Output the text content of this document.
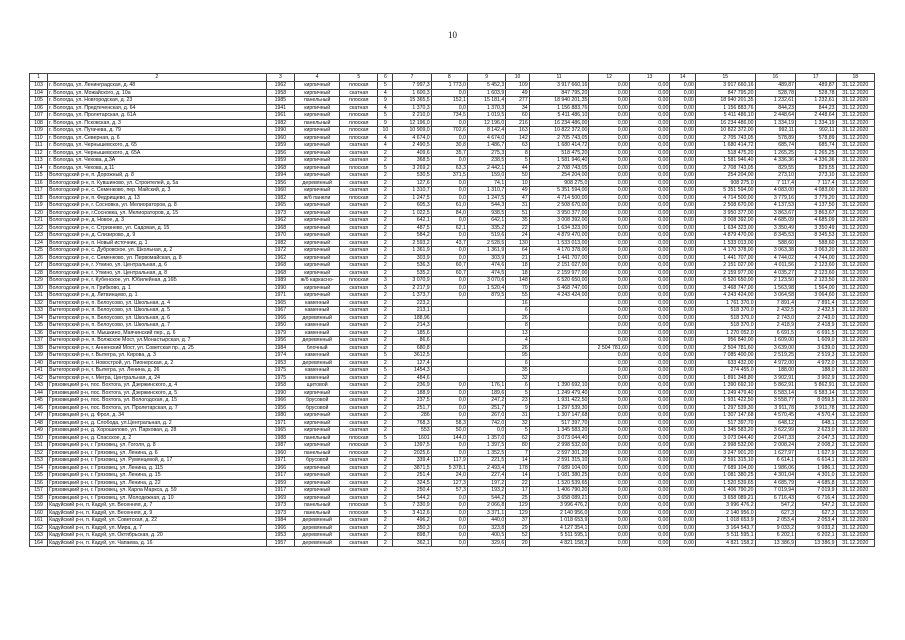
10
1	2	3	4	5	6	7	8	9	10	11	12	13	14	15	16	17	18
103	г. Вологда, ул. Ленинградская, д. 48	1962	кирпичный	плоская	5	7 997,3	1 773,0	5 452,3	109	3 917 660,16	0,00	0,00	0,00	3 917 660,16	489,87	489,87	31.12.2020
104	г. Вологда, ул. Можайского, д. 10а	1958	кирпичный	скатная	4	1 600,3	0,0	1 603,9	49	847 795,20	0,00	0,00	0,00	847 795,20	528,78	528,78	31.12.2020
105	г. Вологда, ул. Новгородская, д. 23	1985	панельный	плоская	9	15 365,5	152,1	15 181,4	277	18 940 201,35	0,00	0,00	0,00	18 940 201,35	1 232,61	1 232,61	31.12.2020
106	г. Вологда, ул. Предтеченская, д. 64	1941	кирпичный	скатная	4	1 370,3	0,0	1 370,3	34	1 156 883,76	0,00	0,00	0,00	1 156 883,76	844,23	844,23	31.12.2020
107	г. Вологда, ул. Пролетарская, д. 61А	1961	кирпичный	плоская	5	2 210,0	734,5	1 019,5	60	5 411 486,10	0,00	0,00	0,00	5 411 486,10	2 448,64	2 448,64	31.12.2020
108	г. Вологда, ул. Псковская, д. 3	1982	панельный	плоская	9	12 196,0	0,0	12 196,0	216	16 234 486,00	0,00	0,00	0,00	16 234 486,00	1 334,19	1 334,19	31.12.2020
109	г. Вологда, ул. Пугачева, д. 79	1990	кирпичный	плоская	10	10 909,0	702,6	8 142,4	163	10 822 372,00	0,00	0,00	0,00	10 822 372,00	992,11	992,11	31.12.2020
110	г. Вологда, ул. Северная, д. 6	1960	кирпичный	плоская	4	4 674,0	0,0	4 674,0	142	2 705 743,05	0,00	0,00	0,00	2 705 743,05	578,89	578,89	31.12.2020
111	г. Вологда, ул. Чернышевского, д. 65	1959	кирпичный	скатная	4	2 490,5	30,8	1 486,7	63	1 680 414,72	0,00	0,00	0,00	1 680 414,72	685,74	685,74	31.12.2020
112	г. Вологда, ул. Чернышевского, д. 65А	1956	кирпичный	скатная	2	409,6	35,7	275,3	8	518 475,20	0,00	0,00	0,00	518 475,20	1 265,25	1 265,25	31.12.2020
113	г. Вологда, ул. Чехова, д.3А	1959	кирпичный	скатная	2	368,5	0,0	238,5	5	1 581 946,40	0,00	0,00	0,00	1 581 946,40	4 336,36	4 336,36	31.12.2020
114	г. Вологда, ул. Чехова, д.11	1968	кирпичный	плоская	5	3 269,2	63,3	2 442,1	44	2 708 743,05	0,00	0,00	0,00	2 708 743,05	829,55	829,55	31.12.2020
115	Вологодский р-н, п. Дорожный, д. 8	1994	кирпичный	скатная	2	530,5	371,5	159,0	50	254 204,00	0,00	0,00	0,00	254 204,00	273,10	273,10	31.12.2020
116	Вологодский р-н, п. Кувшиново, ул. Строителей, д. 5а	1956	деревянный	скатная	2	127,6	0,0	74,1	10	908 275,0	0,00	0,00	0,00	908 275,0	7 117,4	7 117,4	31.12.2020
117	Вологодский р-н, с. Семенково, пер. Майский, д. 3	1960	кирпичный	скатная	2	1 310,7	0,0	1 310,7	49	5 351 594,00	0,00	0,00	0,00	5 351 594,00	4 083,00	4 083,00	31.12.2020
118	Вологодский р-н, п. Федрищево, д. 13	1982	ж/б панели	плоская	2	1 247,5	0,0	1 247,5	47	4 714 500,00	0,00	0,00	0,00	4 714 500,00	3 779,16	3 779,20	31.12.2020
119	Вологодский р-н, г. Сосновка, ул. Мелиораторов, д. 8	1965	кирпичный	скатная	2	605,3	61,0	544,3	31	2 508 670,00	0,00	0,00	0,00	2 508 670,00	4 137,53	4 137,50	31.12.2020
120	Вологодский р-н, г.Сосновка, ул. Мелиораторов, д. 15	1973	кирпичный	скатная	2	1 022,5	84,0	938,5	51	3 950 377,00	0,00	0,00	0,00	3 950 377,00	3 863,67	3 863,67	31.12.2020
121	Вологодский р-н, д. Новое, д. 3	1962	кирпичный	скатная	2	642,1	0,0	642,1	35	3 008 392,00	0,00	0,00	0,00	3 008 392,00	4 685,09	4 685,09	31.12.2020
122	Вологодский р-н, с. Стризнево, ул. Садовая, д. 15	1968	кирпичный	скатная	2	487,5	62,1	335,2	22	1 634 323,00	0,00	0,00	0,00	1 634 323,00	3 350,49	3 350,49	31.12.2020
123	Вологодский р-н, д. Слизирово, д. 9	1970	кирпичный	скатная	2	584,2	0,0	519,6	24	4 879 470,00	0,00	0,00	0,00	4 879 470,00	8 345,53	8 345,53	31.12.2020
124	Вологодский р-н, п. Новый источник, д. 1	1982	кирпичный	скатная	2	2 593,2	43,7	2 528,5	130	1 533 013,00	0,00	0,00	0,00	1 533 013,00	588,60	588,60	31.12.2020
125	Вологодский р-н, с. Дубровское, ул. Школьная, д. 2	1972	кирпичный	скатная	2	1 361,9	0,0	1 361,9	64	4 170 378,00	0,00	0,00	0,00	4 170 378,00	3 063,38	3 063,20	31.12.2020
126	Вологодский р-н, с. Семенково, ул. Первомайская, д. 8	1962	кирпичный	скатная	2	303,9	0,0	303,9	21	1 441 707,00	0,00	0,00	0,00	1 441 707,00	4 744,02	4 744,00	31.12.2020
127	Вологодский р-н, г. Уткино, ул. Центральная, д. 6	1968	кирпичный	скатная	2	536,3	60,7	474,6	18	2 151 027,00	0,00	0,00	0,00	2 151 027,00	4 011,56	2 123,60	31.12.2020
128	Вологодский р-н, г. Уткино, ул. Центральная, д. 8	1968	кирпичный	скатная	2	535,2	60,7	474,5	18	2 159 977,00	0,00	0,00	0,00	2 159 977,00	4 035,27	2 123,60	31.12.2020
129	Вологодский р-н, г. Кубенское, ул. Юбилейная, д.16Б	1989	ж/б каркасно-	плоская	3	3 070,9	0,0	3 070,6	148	6 520 650,00	0,00	0,00	0,00	6 520 650,00	2 123,50	2 123,50	31.12.2020
130	Вологодский р-н, п. Грибково, д. 1	1990	кирпичный	скатная	3	2 217,9	0,0	1 520,4	70	3 468 747,00	0,00	0,00	0,00	3 468 747,00	1 563,98	1 564,00	31.12.2020
131	Вологодский р-н, д. Литвинцево, д. 1	1971	кирпичный	скатная	2	1 373,7	0,0	879,5	55	4 243 424,00	0,00	0,00	0,00	4 243 424,00	3 064,58	3 064,60	31.12.2020
132	Вытегорский р-н, п. Белоусово, ул. Школьная, д. 4	1965	каменный	скатная	2	223,2			16		0,00	0,00	0,00	1 761 370,0	7 891,4	7 891,4	31.12.2020
133	Вытегорский р-н, п. Белоусово, ул. Школьная, д. 5	1967	каменный	скатная	2	213,1			6		0,00	0,00	0,00	518 370,0	2 432,5	2 432,5	31.12.2020
134	Вытегорский р-н, п. Белоусово, ул. Школьная, д. 6	1966	деревянный	скатная	2	188,96			26		0,00	0,00	0,00	518 370,0	2 743,0	2 743,0	31.12.2020
135	Вытегорский р-н, п. Белоусово, ул. Школьная, д. 7	1950	каменный	скатная	2	214,3			8		0,00	0,00	0,00	518 370,0	2 418,9	2 418,9	31.12.2020
136	Вытегорский р-н, п. Мышкино, Маячинский пер., д. 6	1979	каменный	скатная	2	185,6			13		0,00	0,00	0,00	1 270 052,0	6 691,5	6 691,5	31.12.2020
137	Вытегорский р-н, п. Волжское Мост, ул.Монастырская, д. 7	1956	деревянный	скатная	2	86,6			4		0,00	0,00	0,00	956 840,00	1 609,00	1 609,0	31.12.2020
138	Вытегорский р-н, г. Анненский Мост, ул. Советская пр., д. 25	1984	блочный	скатная	2	680,8			26		2 504 781,60	0,00	0,00	2 504 781,60	3 639,00	3 639,0	31.12.2020
139	Вытегорский р-н, г. Вытегра, ул. Кирова, д. 3	1974	каменный	скатная	5	3612,5			95		0,00	0,00	0,00	7 085 400,00	2 519,25	2 519,3	31.12.2020
140	Вытегорский р-н, г. Новострой, ул. Пионерская, д. 2	1953	деревянный	скатная	2	127,4			6		0,00	0,00	0,00	633 432,00	4 972,00	4 972,0	31.12.2020
141	Вытегорский р-н, г. Вытегра, ул. Ленина, д. 26	1975	каменный	скатная	5	1454,3			35		0,00	0,00	0,00	274 455,0	188,00	188,0	31.12.2020
142	Вытегорский р-н, г. Мегра, Центральная, д. 24	1975	каменный	скатная	2	484,6			32		0,00	0,00	0,00	1 891 348,80	3 902,91	3 902,9	31.12.2020
143	Грязовецкий р-н, пос. Вохтога, ул. Дзержинского, д. 4	1958	щитовой	скатная	2	236,9	0,0	176,1	6	1 390 692,10	0,00	0,00	0,00	1 390 692,10	5 862,91	5 862,91	31.12.2020
144	Грязовецкий р-н, пос. Вохтога, ул. Дзержинского, д. 5	1990	кирпичный	скатная	2	188,9	0,0	189,6	5	1 249 479,40	0,00	0,00	0,00	1 249 479,40	6 583,14	6 583,14	31.12.2020
145	Грязовецкий р-н, пос. Вохтога, ул. Вологодская, д. 15	1966	брусовой	скатная	2	237,5	0,0	247,2	23	1 931 422,50	0,00	0,00	0,00	1 931 422,50	3 558,77	8 059,5	31.12.2020
146	Грязовецкий р-н, пос. Вохтога, ул. Пролетарская, д. 7	1956	брусовой	скатная	2	251,7	0,0	251,7	9	1 297 539,30	0,00	0,00	0,00	1 297 539,30	3 911,78	3 911,78	31.12.2020
147	Грязовецкий р-н, д. Фрол, д. 34	1980	кирпичный	скатная	2	286	0,0	267,0	31	1 307 147,68	0,00	0,00	0,00	1 307 147,68	4 570,45	4 570,4	31.12.2020
148	Грязовецкий р-н, д. Слобода, ул.Центральная, д. 2	1971	кирпичный	скатная	2	768,3	58,3	742,0	32	517 397,70	0,00	0,00	0,00	517 397,70	648,12	648,1	31.12.2020
149	Грязовецкий р-н, д. Хорошилово, ул. Парковая, д. 28	1965	кирпичный	скатная	2	553	50,0	0,0	5	1 345 583,20	0,00	0,00	0,00	1 345 583,20	3 622,99	2 623,0	31.12.2020
150	Грязовецкий р-н, д. Спасское, д. 2	1988	панельный	плоская	5	1601	144,0	1 357,0	62	3 073 044,40	0,00	0,00	0,00	3 073 044,40	2 047,33	2 047,3	31.12.2020
151	Грязовецкий р-н, г. Грязовец, ул. Гоголя, д. 8	1987	кирпичный	плоская	3	1397,5	0,0	1 397,5	80	2 998 532,00	0,00	0,00	0,00	2 998 532,00	2 008,24	2 008,2	31.12.2020
152	Грязовецкий р-н, г. Грязовец, ул. Ленина, д. 6	1960	панельный	плоская	2	2025,6	0,0	1 352,5	7	2 597 301,20	0,00	0,00	0,00	3 247 901,20	1 627,97	1 627,9	31.12.2020
153	Грязовецкий р-н, г. Грязовец, ул. Румянцевой, д. 17	1971	брусовой	скатная	2	339,4	117,9	221,5	14	2 591 315,10	0,00	0,00	0,00	2 591 315,10	6 614,1	6 614,1	31.12.2020
154	Грязовецкий р-н, г. Грязовец, ул. Ленина, д. 115	1966	кирпичный	скатная	2	3871,5	5 378,1	2 493,4	178	7 689 104,00	0,00	0,00	0,00	7 689 104,00	1 986,06	1 986,1	31.12.2020
155	Грязовецкий р-н, г. Грязовец, ул. Ленина, д. 15	1917	кирпичный	скатная	2	251,4	24,0	227,4	14	1 081 380,25	0,00	0,00	0,00	1 081 380,25	4 301,04	4 301,0	31.12.2020
156	Грязовецкий р-н, г. Грязовец, ул. Ленина, д. 22	1959	кирпичный	скатная	2	324,5	127,3	197,2	22	1 520 539,65	0,00	0,00	0,00	1 520 539,65	4 685,79	4 685,8	31.12.2020
157	Грязовецкий р-н, г. Грязовец, ул. Карла Маркса, д. 59	1917	кирпичный	скатная	2	250,4	57,3	193,2	17	1 406 790,20	0,00	0,00	0,00	1 406 790,20	7 019,94	7 019,9	31.12.2020
158	Грязовецкий р-н, г. Грязовец, ул. Молодежная, д. 10	1969	кирпичный	скатная	2	544,2	0,0	544,2	25	3 658 089,21	0,00	0,00	0,00	3 658 089,21	6 716,43	6 716,4	31.12.2020
159	Кадуйский р-н, п. Кадуй, ул. Весенняя, д. 7	1973	панельный	плоская	5	7 330,9	0,0	2 066,8	129	3 996 476,2	0,00	0,00	0,00	3 996 476,2	547,2	547,2	31.12.2020
160	Кадуйский р-н, п. Кадуй, ул. Весенняя, д. 9	1973	панельный	плоская	5	3 412,6	0,0	3 371,1	129	2 140 956,0	0,00	0,00	0,00	2 140 956,0	627,3	627,3	31.12.2020
161	Кадуйский р-н, п. Кадуй, ул. Советская, д. 22	1984	деревянный	скатная	2	496,2	0,0	440,0	37	1 018 653,9	0,00	0,00	0,00	1 018 653,9	2 053,4	2 053,4	31.12.2020
162	Кадуйский р-н, п. Кадуй, ул. Мира, д. 7	1966	деревянный	скатная	2	350,3	0,0	323,8	29	4 127 354,1	0,00	0,00	0,00	3 164 543,7	9 033,2	9 033,2	31.12.2020
163	Кадуйский р-н, п. Кадуй, ул. Октябрьская, д. 20	1953	деревянный	скатная	2	898,7	0,0	400,5	52	5 511 595,1	0,00	0,00	0,00	5 511 595,1	6 202,1	6 202,1	31.12.2020
164	Кадуйский р-н, п. Кадуй, ул. Чапаева, д. 16	1957	деревянный	скатная	2	362,1	0,0	329,6	20	4 821 158,2	0,00	0,00	0,00	4 821 158,2	13 386,9	13 386,9	31.12.2020
